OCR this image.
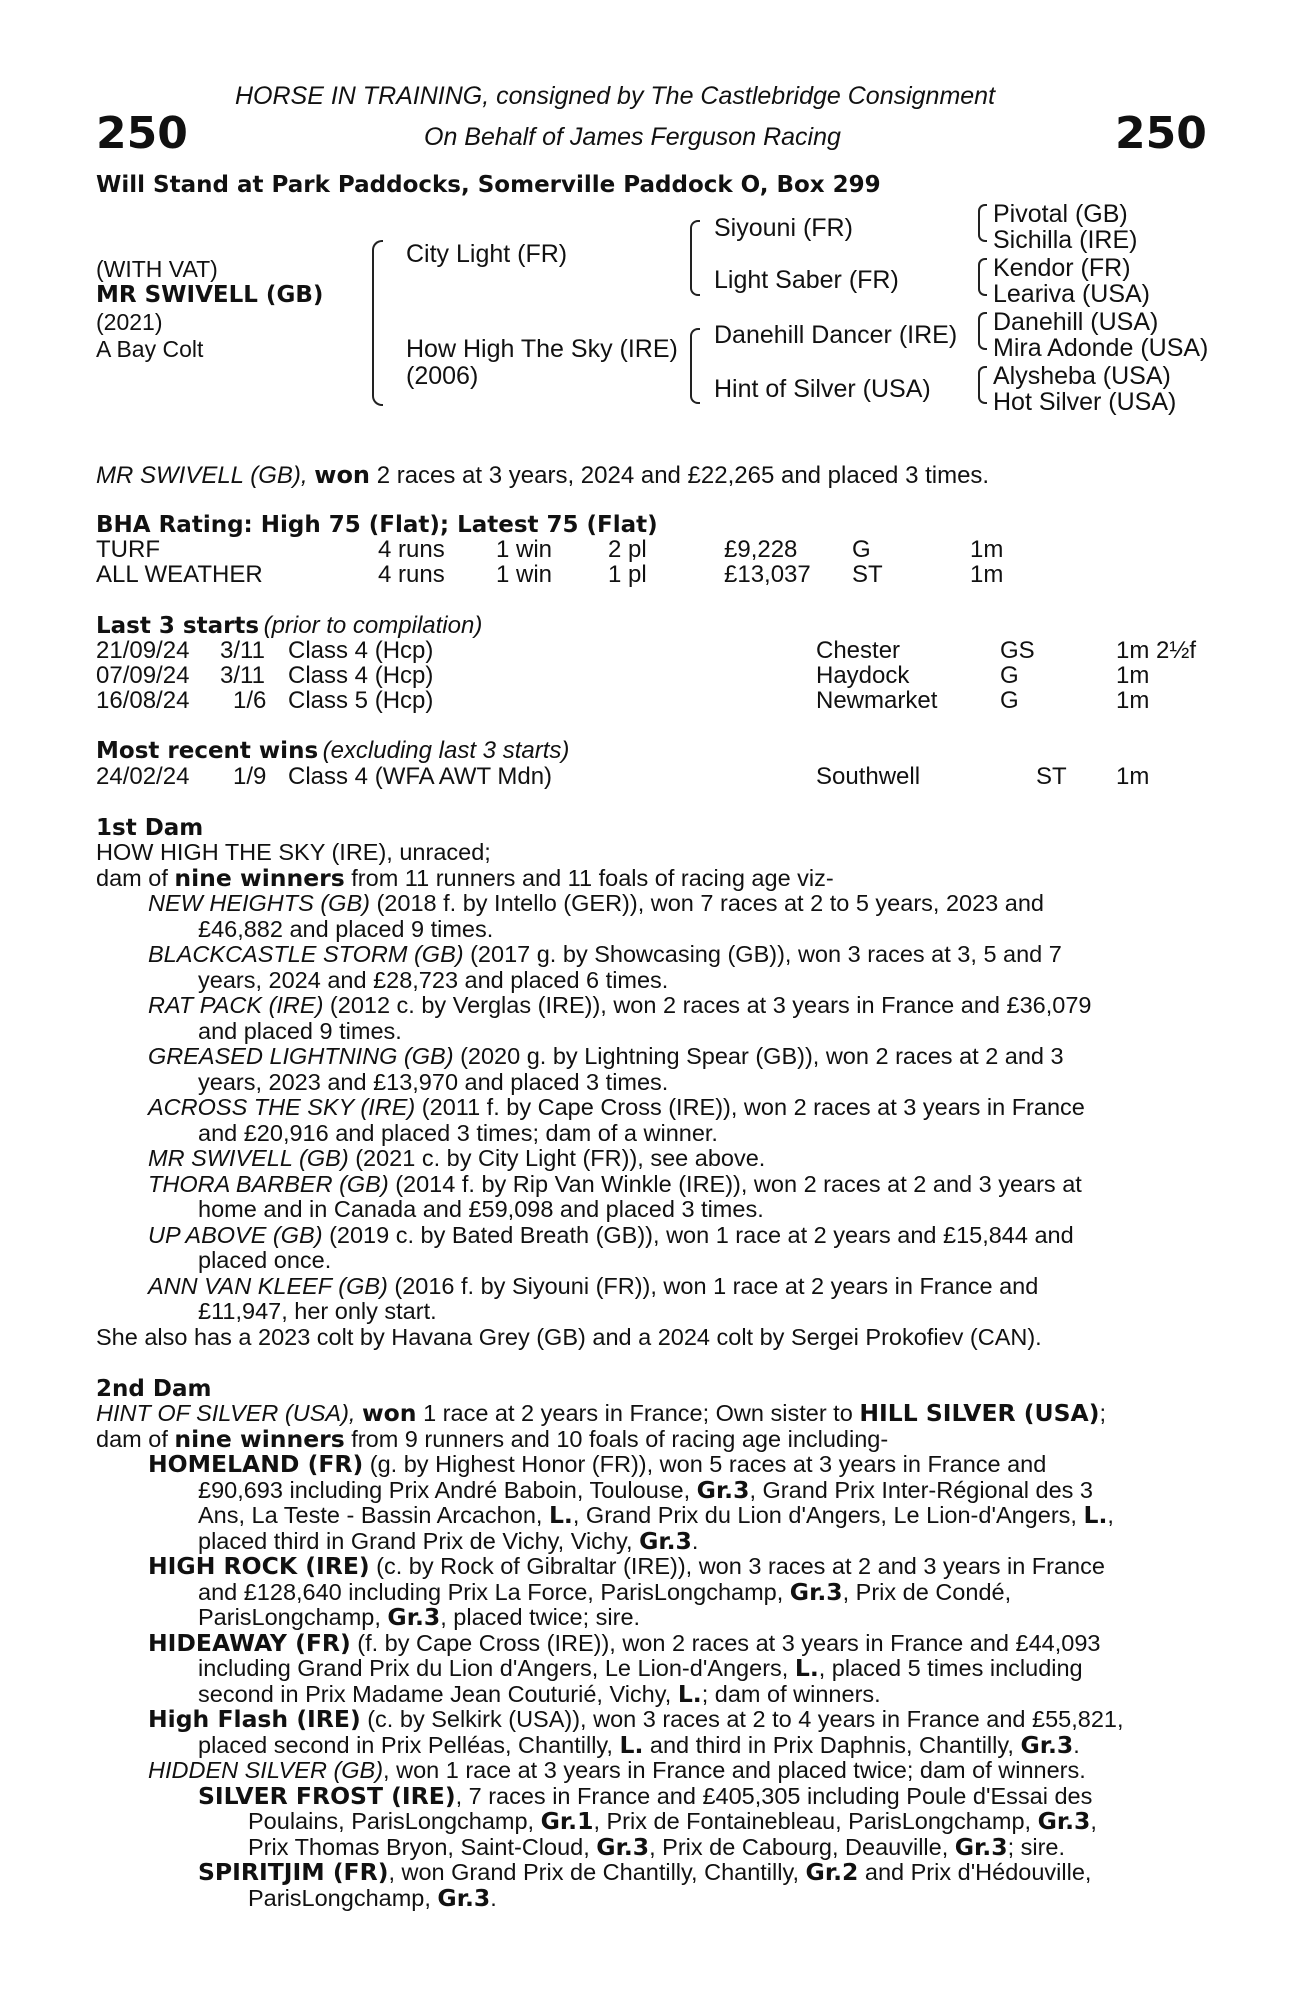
250	250
HORSE IN TRAINING, consigned by The Castlebridge Consignment
On Behalf of James Ferguson Racing
Will Stand at Park Paddocks, Somerville Paddock O, Box 299
(WITH VAT)
MR SWIVELL (GB)
(2021)
A Bay Colt
City Light (FR)
How High The Sky (IRE)
(2006)
Siyouni (FR)
Light Saber (FR)
Danehill Dancer (IRE)
Hint of Silver (USA)
Pivotal (GB)
Sichilla (IRE)
Kendor (FR)
Leariva (USA)
Danehill (USA)
Mira Adonde (USA)
Alysheba (USA)
Hot Silver (USA)
MR SWIVELL (GB), won 2 races at 3 years, 2024 and £22,265 and placed 3 times.
BHA Rating: High 75 (Flat); Latest 75 (Flat)
TURF	4 runs 1 win 2 pl	£9,228 G	1m
ALL WEATHER	4 runs 1 win 1 pl	£13,037 ST	1m
Last 3 starts (prior to compilation)
21/09/24 3/11 Class 4 (Hcp)	Chester	GS	1m 2½f
07/09/24 3/11 Class 4 (Hcp)	Haydock	G	1m
16/08/24 1/6 Class 5 (Hcp)	Newmarket	G	1m
Most recent wins (excluding last 3 starts)
24/02/24 1/9 Class 4 (WFA AWT Mdn)	Southwell	ST 1m
1st Dam
HOW HIGH THE SKY (IRE), unraced;
dam of nine winners from 11 runners and 11 foals of racing age viz-
NEW HEIGHTS (GB) (2018 f. by Intello (GER)), won 7 races at 2 to 5 years, 2023 and
£46,882 and placed 9 times.
BLACKCASTLE STORM (GB) (2017 g. by Showcasing (GB)), won 3 races at 3, 5 and 7
years, 2024 and £28,723 and placed 6 times.
RAT PACK (IRE) (2012 c. by Verglas (IRE)), won 2 races at 3 years in France and £36,079
and placed 9 times.
GREASED LIGHTNING (GB) (2020 g. by Lightning Spear (GB)), won 2 races at 2 and 3
years, 2023 and £13,970 and placed 3 times.
ACROSS THE SKY (IRE) (2011 f. by Cape Cross (IRE)), won 2 races at 3 years in France
and £20,916 and placed 3 times; dam of a winner.
MR SWIVELL (GB) (2021 c. by City Light (FR)), see above.
THORA BARBER (GB) (2014 f. by Rip Van Winkle (IRE)), won 2 races at 2 and 3 years at
home and in Canada and £59,098 and placed 3 times.
UP ABOVE (GB) (2019 c. by Bated Breath (GB)), won 1 race at 2 years and £15,844 and
placed once.
ANN VAN KLEEF (GB) (2016 f. by Siyouni (FR)), won 1 race at 2 years in France and
£11,947, her only start.
She also has a 2023 colt by Havana Grey (GB) and a 2024 colt by Sergei Prokofiev (CAN).
2nd Dam
HINT OF SILVER (USA), won 1 race at 2 years in France; Own sister to HILL SILVER (USA);
dam of nine winners from 9 runners and 10 foals of racing age including-
HOMELAND (FR) (g. by Highest Honor (FR)), won 5 races at 3 years in France and
£90,693 including Prix André Baboin, Toulouse, Gr.3, Grand Prix Inter-Régional des 3
Ans, La Teste - Bassin Arcachon, L., Grand Prix du Lion d'Angers, Le Lion-d'Angers, L.,
placed third in Grand Prix de Vichy, Vichy, Gr.3.
HIGH ROCK (IRE) (c. by Rock of Gibraltar (IRE)), won 3 races at 2 and 3 years in France
and £128,640 including Prix La Force, ParisLongchamp, Gr.3, Prix de Condé,
ParisLongchamp, Gr.3, placed twice; sire.
HIDEAWAY (FR) (f. by Cape Cross (IRE)), won 2 races at 3 years in France and £44,093
including Grand Prix du Lion d'Angers, Le Lion-d'Angers, L., placed 5 times including
second in Prix Madame Jean Couturié, Vichy, L.; dam of winners.
High Flash (IRE) (c. by Selkirk (USA)), won 3 races at 2 to 4 years in France and £55,821,
placed second in Prix Pelléas, Chantilly, L. and third in Prix Daphnis, Chantilly, Gr.3.
HIDDEN SILVER (GB), won 1 race at 3 years in France and placed twice; dam of winners.
SILVER FROST (IRE), 7 races in France and £405,305 including Poule d'Essai des
Poulains, ParisLongchamp, Gr.1, Prix de Fontainebleau, ParisLongchamp, Gr.3,
Prix Thomas Bryon, Saint-Cloud, Gr.3, Prix de Cabourg, Deauville, Gr.3; sire.
SPIRITJIM (FR), won Grand Prix de Chantilly, Chantilly, Gr.2 and Prix d'Hédouville,
ParisLongchamp, Gr.3.
